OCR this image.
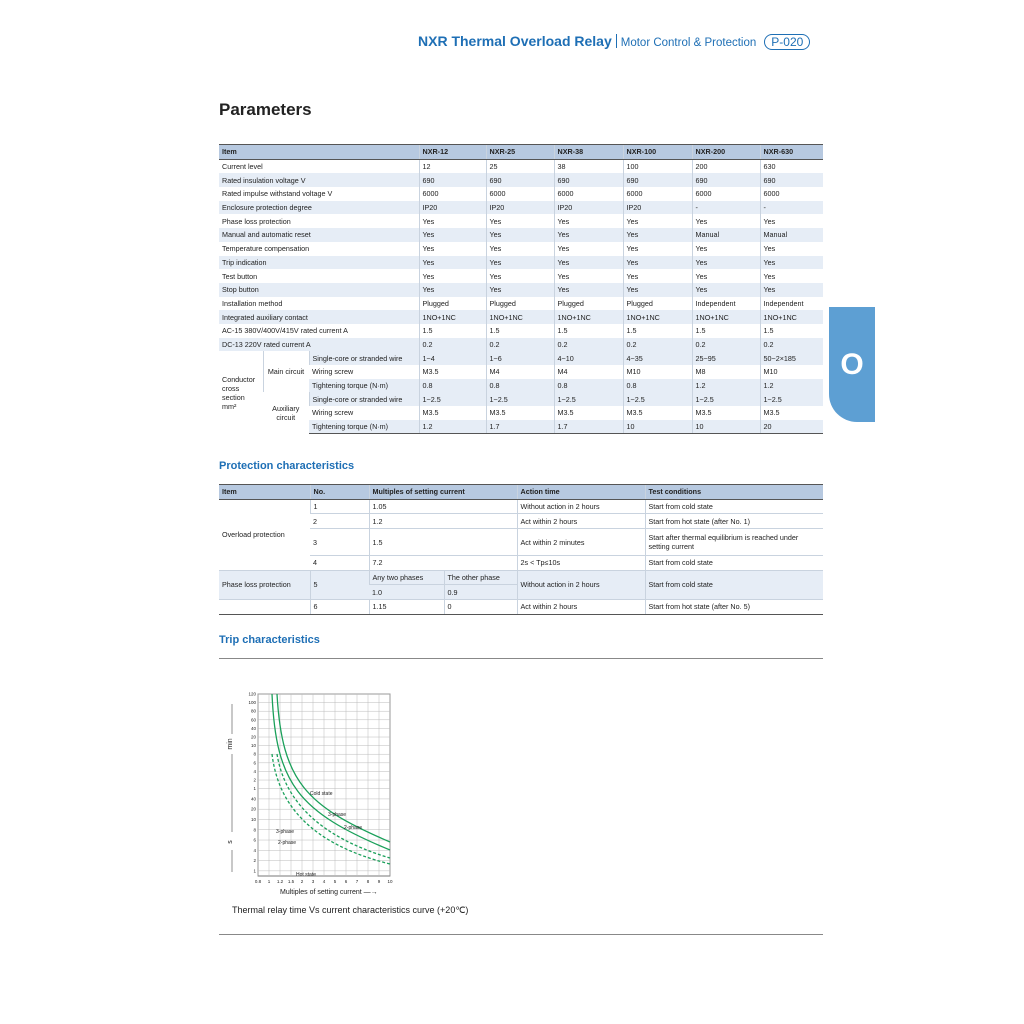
NXR Thermal Overload Relay Motor Control & Protection P-020
Parameters
Item			NXR-12	NXR-25	NXR-38	NXR-100	NXR-200	NXR-630
Current level			12	25	38	100	200	630
Rated insulation voltage V			690	690	690	690	690	690
Rated impulse withstand voltage V			6000	6000	6000	6000	6000	6000
Enclosure protection degree			IP20	IP20	IP20	IP20	-	-
Phase loss protection			Yes	Yes	Yes	Yes	Yes	Yes
Manual and automatic reset			Yes	Yes	Yes	Yes	Manual	Manual
Temperature compensation			Yes	Yes	Yes	Yes	Yes	Yes
Trip indication			Yes	Yes	Yes	Yes	Yes	Yes
Test button			Yes	Yes	Yes	Yes	Yes	Yes
Stop button			Yes	Yes	Yes	Yes	Yes	Yes
Installation method			Plugged	Plugged	Plugged	Plugged	Independent	Independent
Integrated auxiliary contact			1NO+1NC	1NO+1NC	1NO+1NC	1NO+1NC	1NO+1NC	1NO+1NC
AC-15 380V/400V/415V rated current A			1.5	1.5	1.5	1.5	1.5	1.5
DC-13 220V rated current A			0.2	0.2	0.2	0.2	0.2	0.2
Conductor cross section mm²	Main circuit	Single-core or stranded wire	1~4	1~6	4~10	4~35	25~95	50~2×185
		Wiring screw	M3.5	M4	M4	M10	M8	M10
		Tightening torque (N·m)	0.8	0.8	0.8	0.8	1.2	1.2
	Auxiliary circuit	Single-core or stranded wire	1~2.5	1~2.5	1~2.5	1~2.5	1~2.5	1~2.5
		Wiring screw	M3.5	M3.5	M3.5	M3.5	M3.5	M3.5
		Tightening torque (N·m)	1.2	1.7	1.7	10	10	20
O
Protection characteristics
Item	No.	Multiples of setting current		Action time	Test conditions
Overload protection	1	1.05		Without action in 2 hours	Start from cold state
	2	1.2		Act within 2 hours	Start from hot state (after No. 1)
	3	1.5		Act within 2 minutes	Start after thermal equilibrium is reached under setting current
	4	7.2		2s < Tp≤10s	Start from cold state
Phase loss protection	5	Any two phases	The other phase	Without action in 2 hours	Start from cold state
		1.0	0.9		
	6	1.15	0	Act within 2 hours	Start from hot state (after No. 5)
Trip characteristics
0.8 1 1.2 1.5 2 3 4 5 6 7 8 9 10
120
100
80
60
40
20
10
8
6
4
2
1
40
20
10
8
6
4
2
1
min
s
Cold state
3-phase
2-phase
3-phase
2-phase
Hot state
Multiples of setting current —→
Thermal relay time Vs current characteristics curve (+20℃)
